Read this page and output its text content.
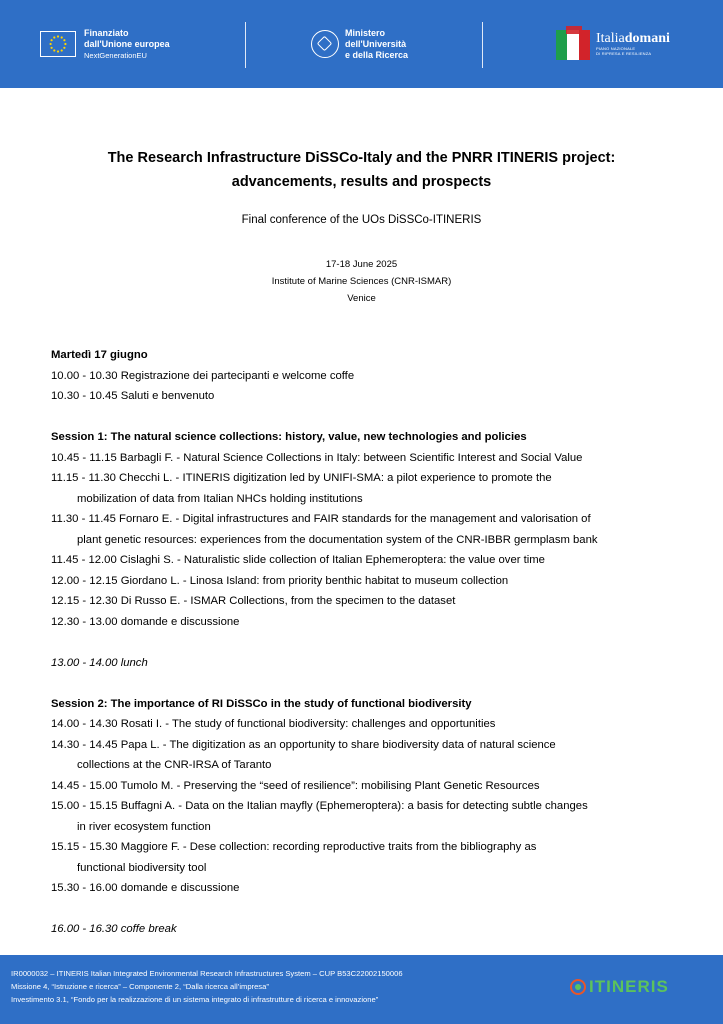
Finanziato
dall'Unione europea
NextGenerationEU
Ministero
dell'Università
e della Ricerca
Italiadomani
PIANO NAZIONALE
DI RIPRESA E RESILIENZA
The Research Infrastructure DiSSCo-Italy and the PNRR ITINERIS project:
advancements, results and prospects
Final conference of the UOs DiSSCo-ITINERIS
17-18 June 2025
Institute of Marine Sciences (CNR-ISMAR)
Venice
Martedì 17 giugno
10.00 - 10.30 Registrazione dei partecipanti e welcome coffe
10.30 - 10.45 Saluti e benvenuto
Session 1: The natural science collections: history, value, new technologies and policies
10.45 - 11.15 Barbagli F. - Natural Science Collections in Italy: between Scientific Interest and Social Value
11.15 - 11.30 Checchi L. - ITINERIS digitization led by UNIFI-SMA: a pilot experience to promote the
mobilization of data from Italian NHCs holding institutions
11.30 - 11.45 Fornaro E. - Digital infrastructures and FAIR standards for the management and valorisation of
plant genetic resources: experiences from the documentation system of the CNR-IBBR germplasm bank
11.45 - 12.00 Cislaghi S. - Naturalistic slide collection of Italian Ephemeroptera: the value over time
12.00 - 12.15 Giordano L. - Linosa Island: from priority benthic habitat to museum collection
12.15 - 12.30 Di Russo E. - ISMAR Collections, from the specimen to the dataset
12.30 - 13.00 domande e discussione
13.00 - 14.00 lunch
Session 2: The importance of RI DiSSCo in the study of functional biodiversity
14.00 - 14.30 Rosati I. - The study of functional biodiversity: challenges and opportunities
14.30 - 14.45 Papa L. - The digitization as an opportunity to share biodiversity data of natural science
collections at the CNR-IRSA of Taranto
14.45 - 15.00 Tumolo M. - Preserving the “seed of resilience”: mobilising Plant Genetic Resources
15.00 - 15.15 Buffagni A. - Data on the Italian mayfly (Ephemeroptera): a basis for detecting subtle changes
in river ecosystem function
15.15 - 15.30 Maggiore F. - Dese collection: recording reproductive traits from the bibliography as
functional biodiversity tool
15.30 - 16.00 domande e discussione
16.00 - 16.30 coffe break
IR0000032 – ITINERIS Italian Integrated Environmental Research Infrastructures System – CUP B53C22002150006
Missione 4, “Istruzione e ricerca” – Componente 2, “Dalla ricerca all’impresa”
Investimento 3.1, “Fondo per la realizzazione di un sistema integrato di infrastrutture di ricerca e innovazione”
ITINERIS
